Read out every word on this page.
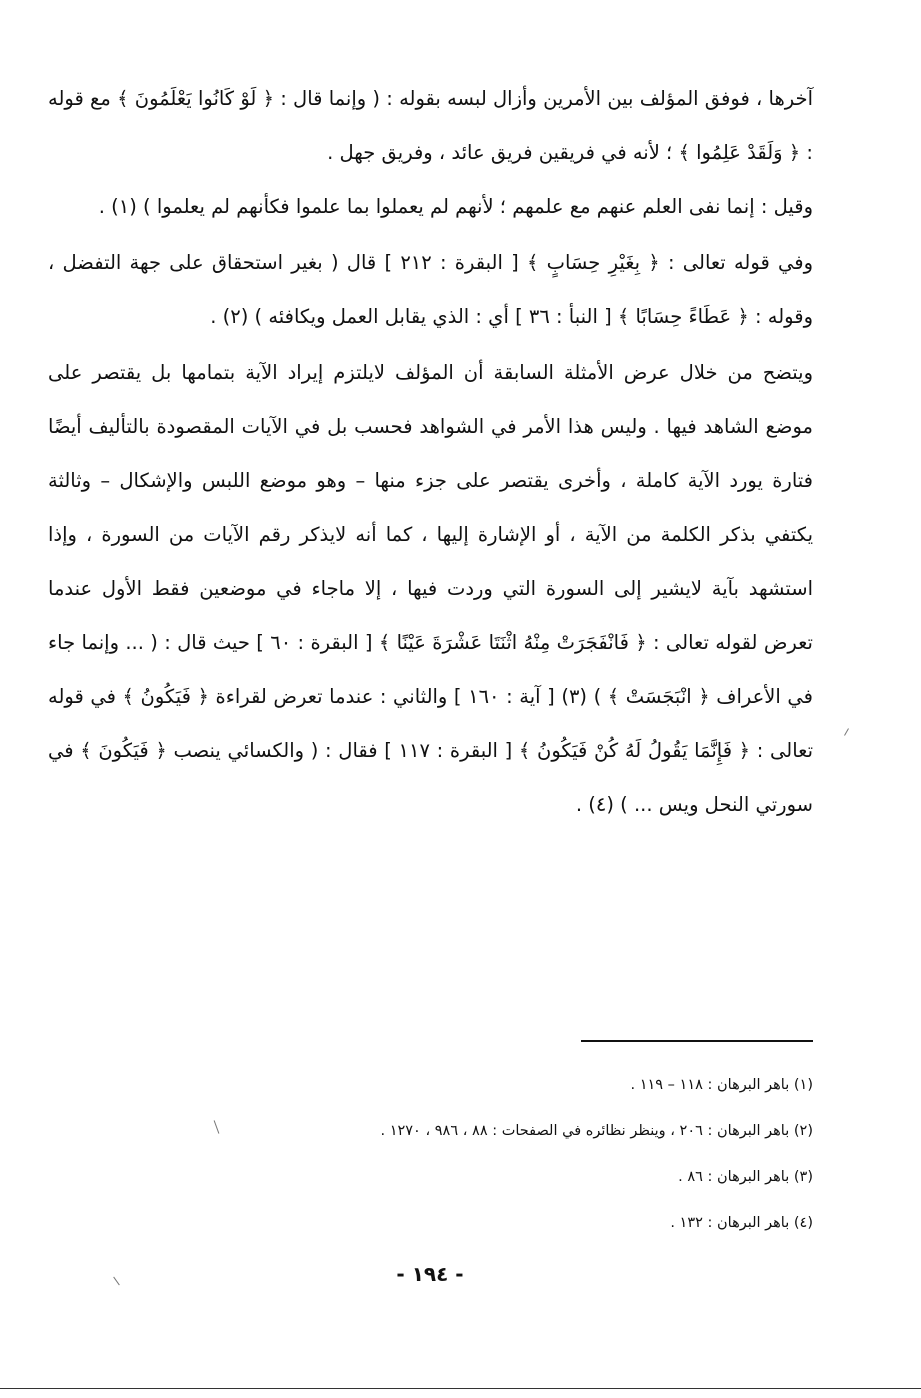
آخرها ، فوفق المؤلف بين الأمرين وأزال لبسه بقوله : ( وإنما قال : ﴿ لَوْ كَانُوا يَعْلَمُونَ ﴾ مع قوله : ﴿ وَلَقَدْ عَلِمُوا ﴾ ؛ لأنه في فريقين فريق عائد ، وفريق جهل .

وقيل : إنما نفى العلم عنهم مع علمهم ؛ لأنهم لم يعملوا بما علموا فكأنهم لم يعلموا ) (١) .

وفي قوله تعالى : ﴿ بِغَيْرِ حِسَابٍ ﴾ [ البقرة : ٢١٢ ] قال ( بغير استحقاق على جهة التفضل ، وقوله : ﴿ عَطَاءً حِسَابًا ﴾ [ النبأ : ٣٦ ] أي : الذي يقابل العمل ويكافئه ) (٢) .

ويتضح من خلال عرض الأمثلة السابقة أن المؤلف لايلتزم إيراد الآية بتمامها بل يقتصر على موضع الشاهد فيها . وليس هذا الأمر في الشواهد فحسب بل في الآيات المقصودة بالتأليف أيضًا فتارة يورد الآية كاملة ، وأخرى يقتصر على جزء منها – وهو موضع اللبس والإشكال – وثالثة يكتفي بذكر الكلمة من الآية ، أو الإشارة إليها ، كما أنه لايذكر رقم الآيات من السورة ، وإذا استشهد بآية لايشير إلى السورة التي وردت فيها ، إلا ماجاء في موضعين فقط الأول عندما تعرض لقوله تعالى : ﴿ فَانْفَجَرَتْ مِنْهُ اثْنَتَا عَشْرَةَ عَيْنًا ﴾ [ البقرة : ٦٠ ] حيث قال : ( ... وإنما جاء في الأعراف ﴿ انْبَجَسَتْ ﴾ ) (٣) [ آية : ١٦٠ ] والثاني : عندما تعرض لقراءة ﴿ فَيَكُونُ ﴾ في قوله تعالى : ﴿ فَإِنَّمَا يَقُولُ لَهُ كُنْ فَيَكُونُ ﴾ [ البقرة : ١١٧ ] فقال : ( والكسائي ينصب ﴿ فَيَكُونَ ﴾ في سورتي النحل ويس ... ) (٤) .

(١) باهر البرهان : ١١٨ – ١١٩ .

(٢) باهر البرهان : ٢٠٦ ، وينظر نظائره في الصفحات : ٨٨ ، ٩٨٦ ، ١٢٧٠ .

(٣) باهر البرهان : ٨٦ .

(٤) باهر البرهان : ١٣٢ .

- ١٩٤ -
